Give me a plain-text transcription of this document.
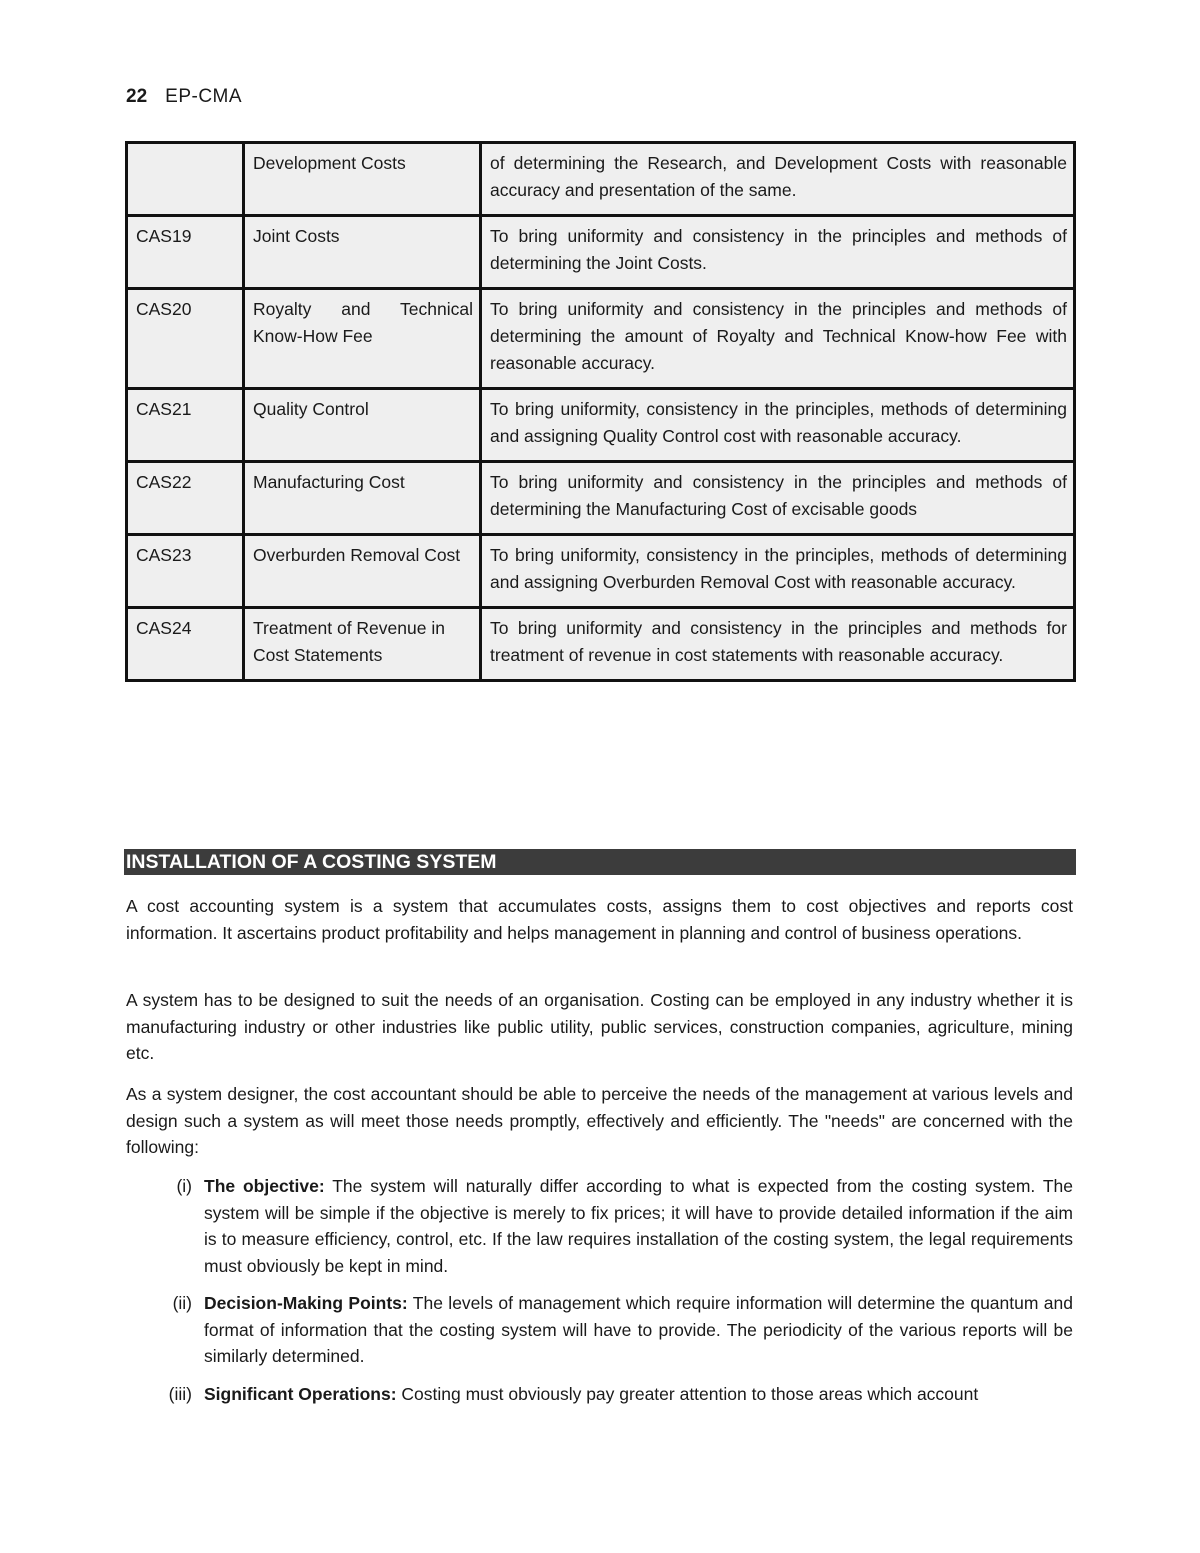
22 EP-CMA
	Development Costs	of determining the Research, and Development Costs with reasonable accuracy and presentation of the same.
CAS19	Joint Costs	To bring uniformity and consistency in the principles and methods of determining the Joint Costs.
CAS20	Royalty and Technical Know-How Fee	To bring uniformity and consistency in the principles and methods of determining the amount of Royalty and Technical Know-how Fee with reasonable accuracy.
CAS21	Quality Control	To bring uniformity, consistency in the principles, methods of determining and assigning Quality Control cost with reasonable accuracy.
CAS22	Manufacturing Cost	To bring uniformity and consistency in the principles and methods of determining the Manufacturing Cost of excisable goods
CAS23	Overburden Removal Cost	To bring uniformity, consistency in the principles, methods of determining and assigning Overburden Removal Cost with reasonable accuracy.
CAS24	Treatment of Revenue in Cost Statements	To bring uniformity and consistency in the principles and methods for treatment of revenue in cost statements with reasonable accuracy.
INSTALLATION OF A COSTING SYSTEM

A cost accounting system is a system that accumulates costs, assigns them to cost objectives and reports cost information. It ascertains product profitability and helps management in planning and control of business operations.

A system has to be designed to suit the needs of an organisation. Costing can be employed in any industry whether it is manufacturing industry or other industries like public utility, public services, construction companies, agriculture, mining etc.

As a system designer, the cost accountant should be able to perceive the needs of the management at various levels and design such a system as will meet those needs promptly, effectively and efficiently. The "needs" are concerned with the following:

(i) The objective: The system will naturally differ according to what is expected from the costing system. The system will be simple if the objective is merely to fix prices; it will have to provide detailed information if the aim is to measure efficiency, control, etc. If the law requires installation of the costing system, the legal requirements must obviously be kept in mind.
(ii) Decision-Making Points: The levels of management which require information will determine the quantum and format of information that the costing system will have to provide. The periodicity of the various reports will be similarly determined.
(iii) Significant Operations: Costing must obviously pay greater attention to those areas which account
